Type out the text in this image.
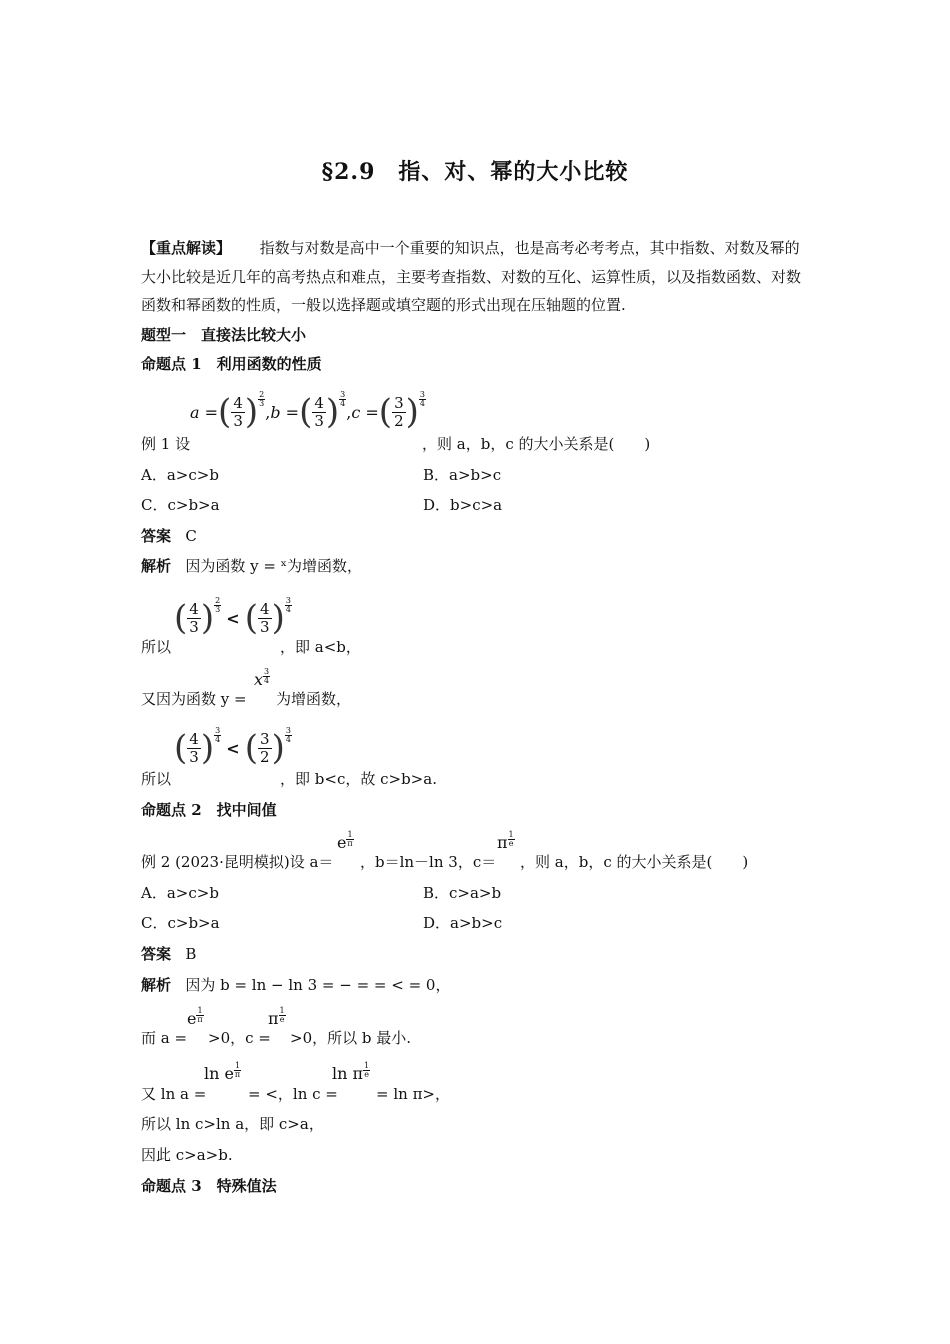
§2.9　指、对、幂的大小比较
【重点解读】 指数与对数是高中一个重要的知识点，也是高考必考考点，其中指数、对数及幂的大小比较是近几年的高考热点和难点，主要考查指数、对数的互化、运算性质，以及指数函数、对数函数和幂函数的性质，一般以选择题或填空题的形式出现在压轴题的位置.
题型一　直接法比较大小
命题点 1　利用函数的性质
a = ( $\frac{4}{3}$ ) 2
3 , b = ( $\frac{4}{3}$ ) 3
4 , c = ( $\frac{3}{2}$ ) 3
4
例 1 设	，则 a，b，c 的大小关系是(　　)
A．a>c>b	B．a>b>c
C．c>b>a	D．b>c>a
答案 C
解析 因为函数 y = ˣ为增函数，
( $\frac{4}{3}$ ) 2
3
<
( $\frac{4}{3}$ ) 3
4
所以	，即 a<b，
又因为函数 y =
x 3
4
为增函数，
( $\frac{4}{3}$ ) 3
4
<
( $\frac{3}{2}$ ) 3
4
所以	，即 b<c，故 c>b>a.
命题点 2　找中间值
例 2 (2023·昆明模拟)设 a＝
e 1
π
，b＝ln－ln 3，c＝
π 1
e
，则 a，b，c 的大小关系是(　　)
A．a>c>b	B．c>a>b
C．c>b>a	D．a>b>c
答案 B
解析 因为 b = ln − ln 3 = − = = < = 0，
而 a =
e 1
π
>0，c =
π 1
e
>0，所以 b 最小.
又 ln a =
ln e 1
π
= <，ln c =
ln π 1
e
= ln π>，
所以 ln c>ln a，即 c>a，
因此 c>a>b.
命题点 3　特殊值法
